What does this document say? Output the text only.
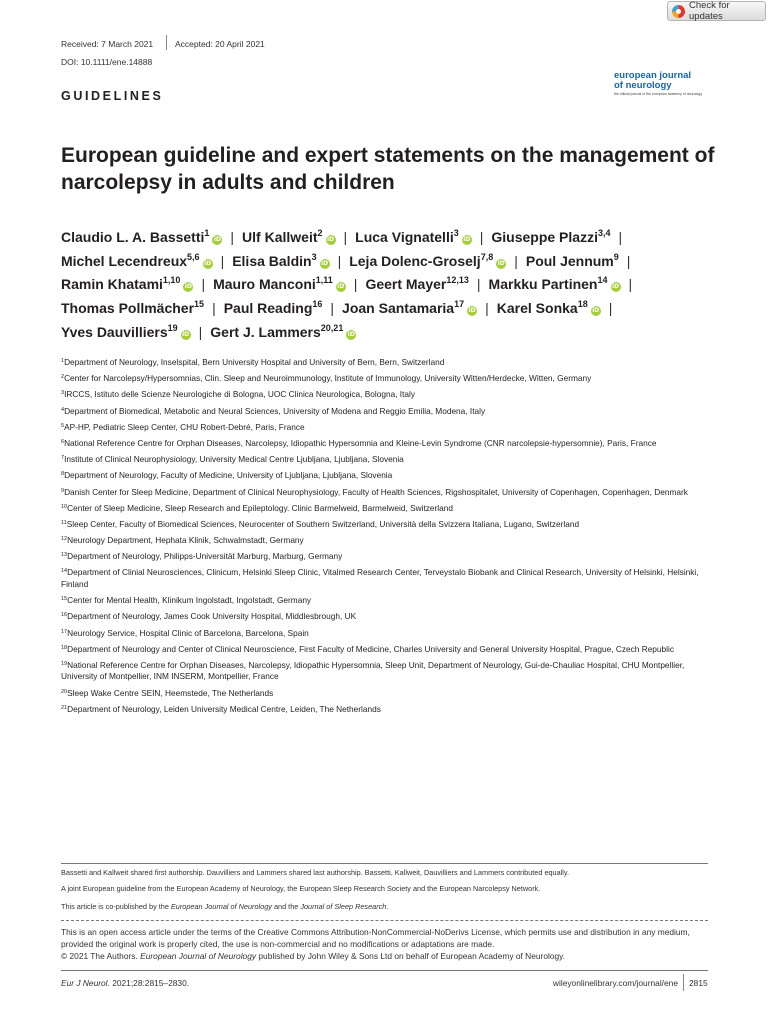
Check for updates
Received: 7 March 2021	Accepted: 20 April 2021
DOI: 10.1111/ene.14888
european journal
of neurology
the official journal of the european academy of neurology
GUIDELINES
European guideline and expert statements on the management of narcolepsy in adults and children
Claudio L. A. Bassetti$^1$iD | Ulf Kallweit$^2$iD | Luca Vignatelli$^3$iD | Giuseppe Plazzi$^{3,4}$ |
Michel Lecendreux$^{5,6}$iD | Elisa Baldin$^3$iD | Leja Dolenc-Groselj$^{7,8}$iD | Poul Jennum$^9$ |
Ramin Khatami$^{1,10}$iD | Mauro Manconi$^{1,11}$iD | Geert Mayer$^{12,13}$ | Markku Partinen$^{14}$iD |
Thomas Pollmächer$^{15}$ | Paul Reading$^{16}$ | Joan Santamaria$^{17}$iD | Karel Sonka$^{18}$iD |
Yves Dauvilliers$^{19}$iD | Gert J. Lammers$^{20,21}$iD
$^1$Department of Neurology, Inselspital, Bern University Hospital and University of Bern, Bern, Switzerland
$^2$Center for Narcolepsy/Hypersomnias, Clin. Sleep and Neuroimmunology, Institute of Immunology, University Witten/Herdecke, Witten, Germany
$^3$IRCCS, Istituto delle Scienze Neurologiche di Bologna, UOC Clinica Neurologica, Bologna, Italy
$^4$Department of Biomedical, Metabolic and Neural Sciences, University of Modena and Reggio Emilia, Modena, Italy
$^5$AP-HP, Pediatric Sleep Center, CHU Robert-Debré, Paris, France
$^6$National Reference Centre for Orphan Diseases, Narcolepsy, Idiopathic Hypersomnia and Kleine-Levin Syndrome (CNR narcolepsie-hypersomnie), Paris, France
$^7$Institute of Clinical Neurophysiology, University Medical Centre Ljubljana, Ljubljana, Slovenia
$^8$Department of Neurology, Faculty of Medicine, University of Ljubljana, Ljubljana, Slovenia
$^9$Danish Center for Sleep Medicine, Department of Clinical Neurophysiology, Faculty of Health Sciences, Rigshospitalet, University of Copenhagen, Copenhagen, Denmark
$^{10}$Center of Sleep Medicine, Sleep Research and Epileptology. Clinic Barmelweid, Barmelweid, Switzerland
$^{11}$Sleep Center, Faculty of Biomedical Sciences, Neurocenter of Southern Switzerland, Università della Svizzera Italiana, Lugano, Switzerland
$^{12}$Neurology Department, Hephata Klinik, Schwalmstadt, Germany
$^{13}$Department of Neurology, Philipps-Universität Marburg, Marburg, Germany
$^{14}$Department of Clinial Neurosciences, Clinicum, Helsinki Sleep Clinic, Vitalmed Research Center, Terveystalo Biobank and Clinical Research, University of Helsinki, Helsinki, Finland
$^{15}$Center for Mental Health, Klinikum Ingolstadt, Ingolstadt, Germany
$^{16}$Department of Neurology, James Cook University Hospital, Middlesbrough, UK
$^{17}$Neurology Service, Hospital Clinic of Barcelona, Barcelona, Spain
$^{18}$Department of Neurology and Center of Clinical Neuroscience, First Faculty of Medicine, Charles University and General University Hospital, Prague, Czech Republic
$^{19}$National Reference Centre for Orphan Diseases, Narcolepsy, Idiopathic Hypersomnia, Sleep Unit, Department of Neurology, Gui-de-Chauliac Hospital, CHU Montpellier, University of Montpellier, INM INSERM, Montpellier, France
$^{20}$Sleep Wake Centre SEIN, Heemstede, The Netherlands
$^{21}$Department of Neurology, Leiden University Medical Centre, Leiden, The Netherlands
Bassetti and Kallweit shared first authorship. Dauvilliers and Lammers shared last authorship. Bassetti, Kallweit, Dauvilliers and Lammers contributed equally.
A joint European guideline from the European Academy of Neurology, the European Sleep Research Society and the European Narcolepsy Network.
This article is co-published by the European Journal of Neurology and the Journal of Sleep Research.
This is an open access article under the terms of the Creative Commons Attribution-NonCommercial-NoDerivs License, which permits use and distribution in any medium, provided the original work is properly cited, the use is non-commercial and no modifications or adaptations are made.
© 2021 The Authors. European Journal of Neurology published by John Wiley & Sons Ltd on behalf of European Academy of Neurology.
Eur J Neurol. 2021;28:2815–2830.	wileyonlinelibrary.com/journal/ene 2815
